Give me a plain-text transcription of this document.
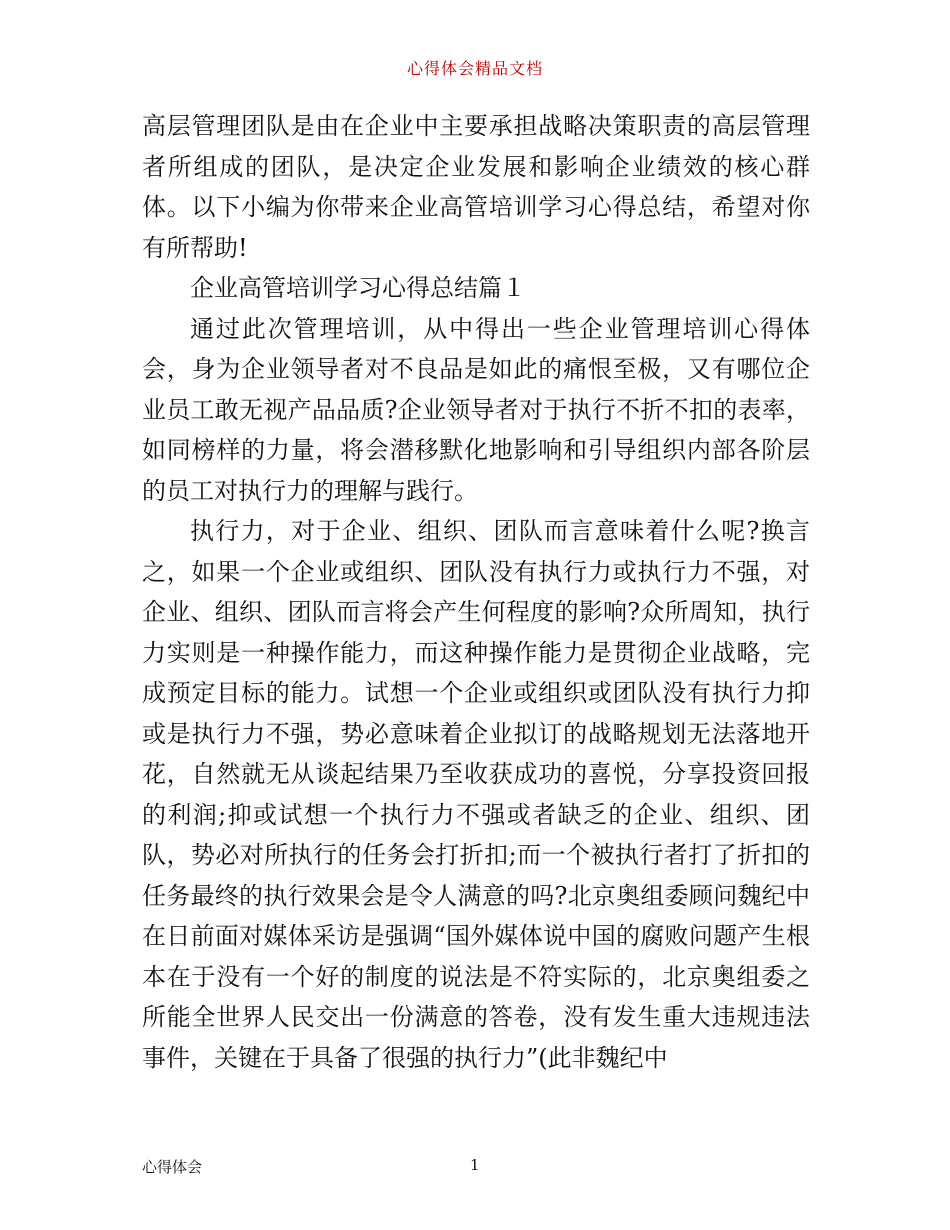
心得体会精品文档

高层管理团队是由在企业中主要承担战略决策职责的高层管理者所组成的团队，是决定企业发展和影响企业绩效的核心群体。以下小编为你带来企业高管培训学习心得总结，希望对你有所帮助!

企业高管培训学习心得总结篇１

通过此次管理培训，从中得出一些企业管理培训心得体会，身为企业领导者对不良品是如此的痛恨至极，又有哪位企业员工敢无视产品品质?企业领导者对于执行不折不扣的表率，如同榜样的力量，将会潜移默化地影响和引导组织内部各阶层的员工对执行力的理解与践行。

执行力，对于企业、组织、团队而言意味着什么呢?换言之，如果一个企业或组织、团队没有执行力或执行力不强，对企业、组织、团队而言将会产生何程度的影响?众所周知，执行力实则是一种操作能力，而这种操作能力是贯彻企业战略，完成预定目标的能力。试想一个企业或组织或团队没有执行力抑或是执行力不强，势必意味着企业拟订的战略规划无法落地开花，自然就无从谈起结果乃至收获成功的喜悦，分享投资回报的利润;抑或试想一个执行力不强或者缺乏的企业、组织、团队，势必对所执行的任务会打折扣;而一个被执行者打了折扣的任务最终的执行效果会是令人满意的吗?北京奥组委顾问魏纪中在日前面对媒体采访是强调“国外媒体说中国的腐败问题产生根本在于没有一个好的制度的说法是不符实际的，北京奥组委之所能全世界人民交出一份满意的答卷，没有发生重大违规违法事件，关键在于具备了很强的执行力”(此非魏纪中

心得体会	1
